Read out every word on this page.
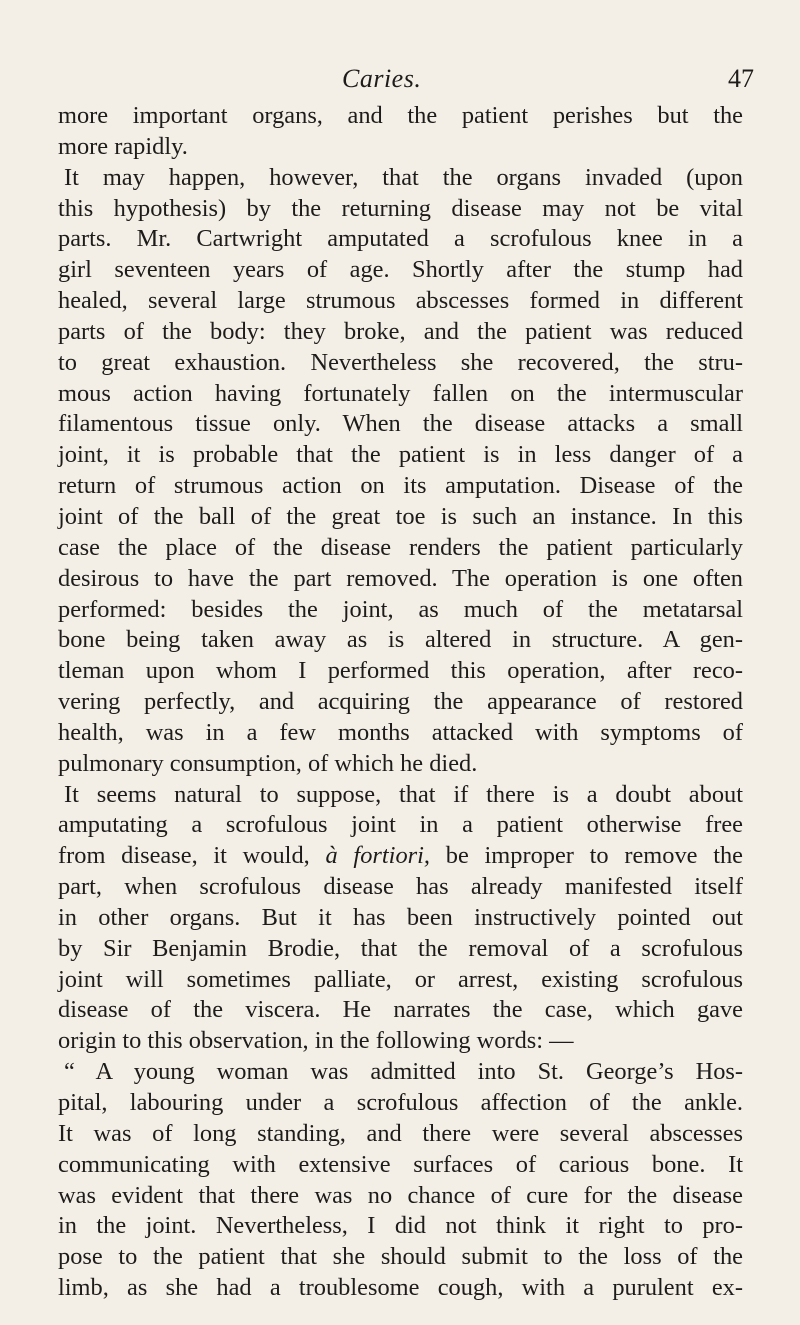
Caries.	47
more important organs, and the patient perishes but the
more rapidly.
It may happen, however, that the organs invaded (upon
this hypothesis) by the returning disease may not be vital
parts. Mr. Cartwright amputated a scrofulous knee in a
girl seventeen years of age. Shortly after the stump had
healed, several large strumous abscesses formed in different
parts of the body: they broke, and the patient was reduced
to great exhaustion. Nevertheless she recovered, the stru-
mous action having fortunately fallen on the intermuscular
filamentous tissue only. When the disease attacks a small
joint, it is probable that the patient is in less danger of a
return of strumous action on its amputation. Disease of the
joint of the ball of the great toe is such an instance. In this
case the place of the disease renders the patient particularly
desirous to have the part removed. The operation is one often
performed: besides the joint, as much of the metatarsal
bone being taken away as is altered in structure. A gen-
tleman upon whom I performed this operation, after reco-
vering perfectly, and acquiring the appearance of restored
health, was in a few months attacked with symptoms of
pulmonary consumption, of which he died.
It seems natural to suppose, that if there is a doubt about
amputating a scrofulous joint in a patient otherwise free
from disease, it would, à fortiori, be improper to remove the
part, when scrofulous disease has already manifested itself
in other organs. But it has been instructively pointed out
by Sir Benjamin Brodie, that the removal of a scrofulous
joint will sometimes palliate, or arrest, existing scrofulous
disease of the viscera. He narrates the case, which gave
origin to this observation, in the following words: —
“ A young woman was admitted into St. George’s Hos-
pital, labouring under a scrofulous affection of the ankle.
It was of long standing, and there were several abscesses
communicating with extensive surfaces of carious bone. It
was evident that there was no chance of cure for the disease
in the joint. Nevertheless, I did not think it right to pro-
pose to the patient that she should submit to the loss of the
limb, as she had a troublesome cough, with a purulent ex-
